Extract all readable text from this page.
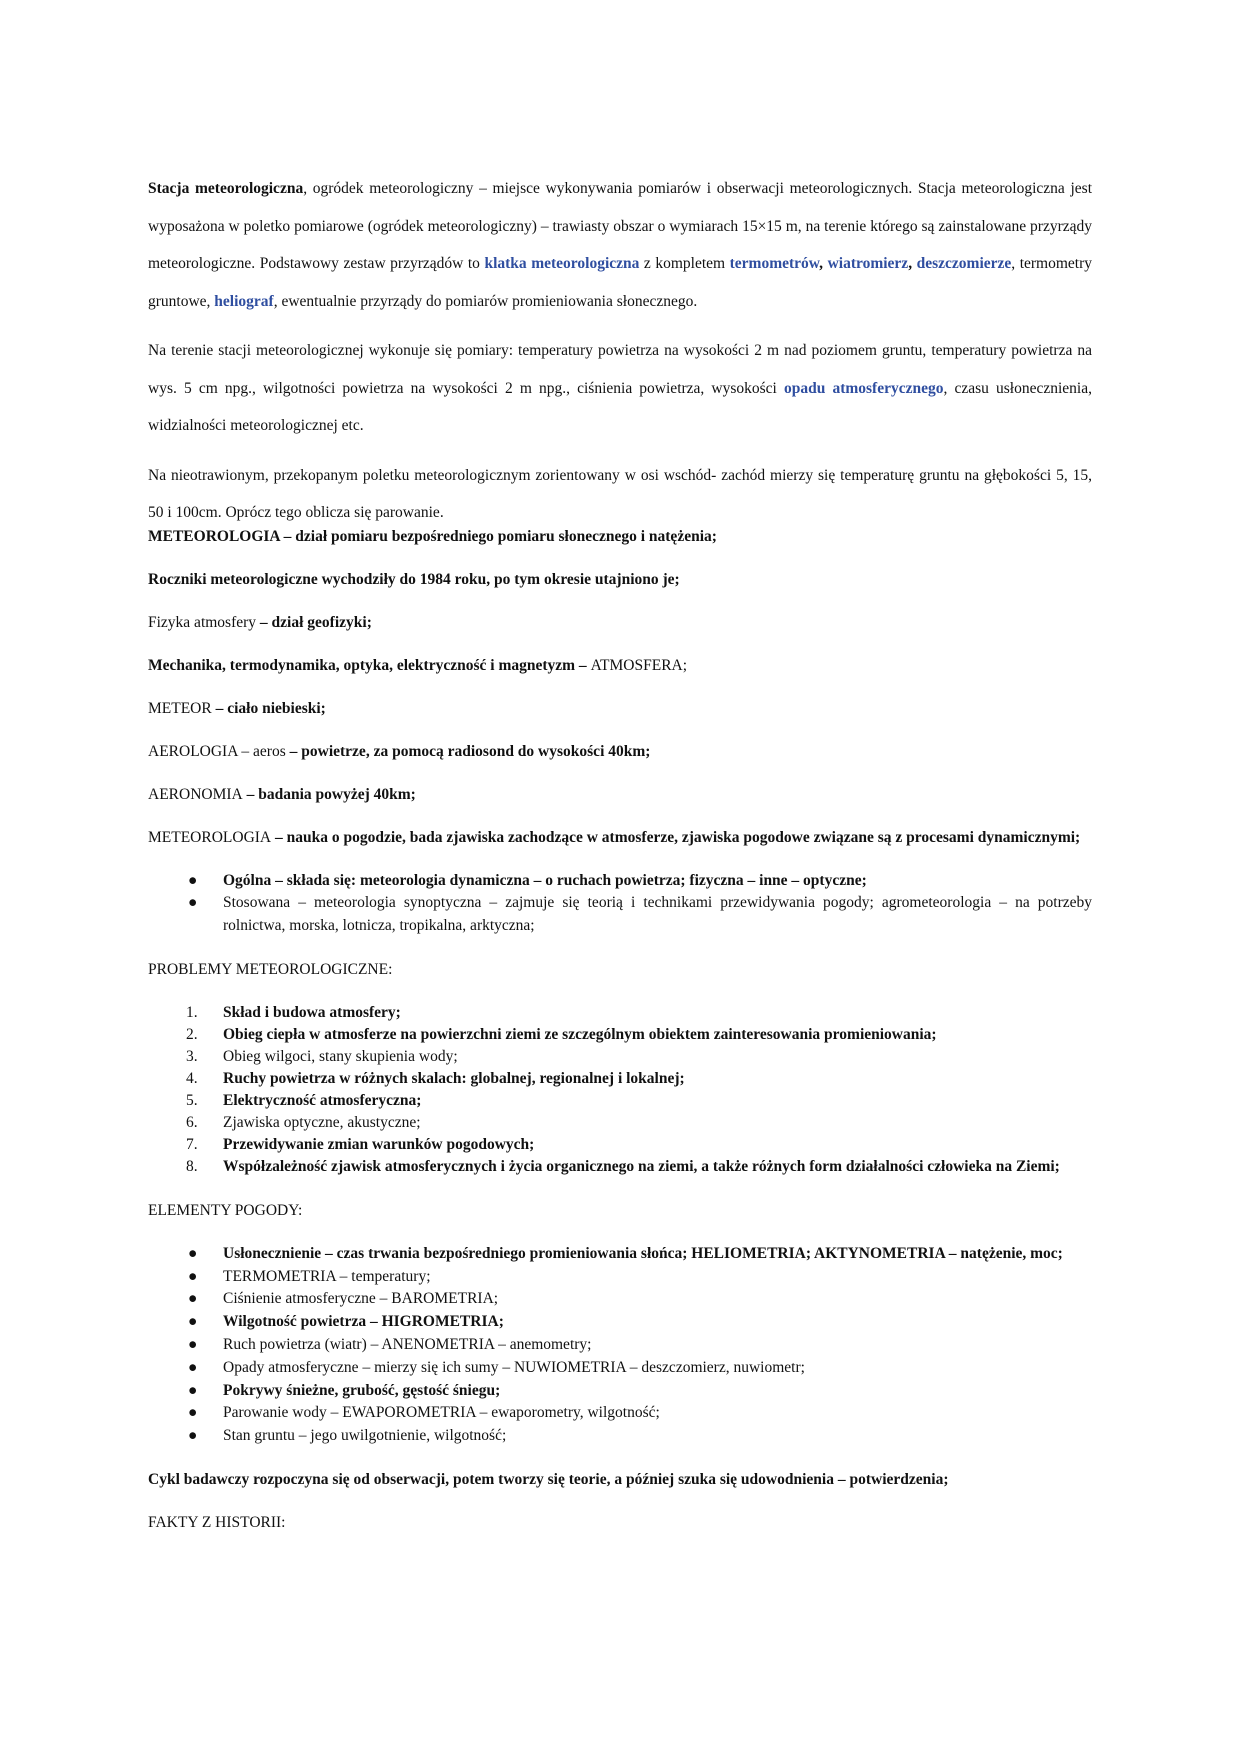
Stacja meteorologiczna, ogródek meteorologiczny – miejsce wykonywania pomiarów i obserwacji meteorologicznych. Stacja meteorologiczna jest wyposażona w poletko pomiarowe (ogródek meteorologiczny) – trawiasty obszar o wymiarach 15×15 m, na terenie którego są zainstalowane przyrządy meteorologiczne. Podstawowy zestaw przyrządów to klatka meteorologiczna z kompletem termometrów, wiatromierz, deszczomierze, termometry gruntowe, heliograf, ewentualnie przyrządy do pomiarów promieniowania słonecznego.

Na terenie stacji meteorologicznej wykonuje się pomiary: temperatury powietrza na wysokości 2 m nad poziomem gruntu, temperatury powietrza na wys. 5 cm npg., wilgotności powietrza na wysokości 2 m npg., ciśnienia powietrza, wysokości opadu atmosferycznego, czasu usłonecznienia, widzialności meteorologicznej etc.

Na nieotrawionym, przekopanym poletku meteorologicznym zorientowany w osi wschód- zachód mierzy się temperaturę gruntu na głębokości 5, 15, 50 i 100cm. Oprócz tego oblicza się parowanie.

METEOROLOGIA – dział pomiaru bezpośredniego pomiaru słonecznego i natężenia;

Roczniki meteorologiczne wychodziły do 1984 roku, po tym okresie utajniono je;

Fizyka atmosfery – dział geofizyki;

Mechanika, termodynamika, optyka, elektryczność i magnetyzm – ATMOSFERA;

METEOR – ciało niebieski;

AEROLOGIA – aeros – powietrze, za pomocą radiosond do wysokości 40km;

AERONOMIA – badania powyżej 40km;

METEOROLOGIA – nauka o pogodzie, bada zjawiska zachodzące w atmosferze, zjawiska pogodowe związane są z procesami dynamicznymi;

● Ogólna – składa się: meteorologia dynamiczna – o ruchach powietrza; fizyczna – inne – optyczne;
● Stosowana – meteorologia synoptyczna – zajmuje się teorią i technikami przewidywania pogody; agrometeorologia – na potrzeby rolnictwa, morska, lotnicza, tropikalna, arktyczna;

PROBLEMY METEOROLOGICZNE:

1. Skład i budowa atmosfery;
2. Obieg ciepła w atmosferze na powierzchni ziemi ze szczególnym obiektem zainteresowania promieniowania;
3. Obieg wilgoci, stany skupienia wody;
4. Ruchy powietrza w różnych skalach: globalnej, regionalnej i lokalnej;
5. Elektryczność atmosferyczna;
6. Zjawiska optyczne, akustyczne;
7. Przewidywanie zmian warunków pogodowych;
8. Współzależność zjawisk atmosferycznych i życia organicznego na ziemi, a także różnych form działalności człowieka na Ziemi;

ELEMENTY POGODY:

● Usłonecznienie – czas trwania bezpośredniego promieniowania słońca; HELIOMETRIA; AKTYNOMETRIA – natężenie, moc;
● TERMOMETRIA – temperatury;
● Ciśnienie atmosferyczne – BAROMETRIA;
● Wilgotność powietrza – HIGROMETRIA;
● Ruch powietrza (wiatr) – ANENOMETRIA – anemometry;
● Opady atmosferyczne – mierzy się ich sumy – NUWIOMETRIA – deszczomierz, nuwiometr;
● Pokrywy śnieżne, grubość, gęstość śniegu;
● Parowanie wody – EWAPOROMETRIA – ewaporometry, wilgotność;
● Stan gruntu – jego uwilgotnienie, wilgotność;

Cykl badawczy rozpoczyna się od obserwacji, potem tworzy się teorie, a później szuka się udowodnienia – potwierdzenia;

FAKTY Z HISTORII:
